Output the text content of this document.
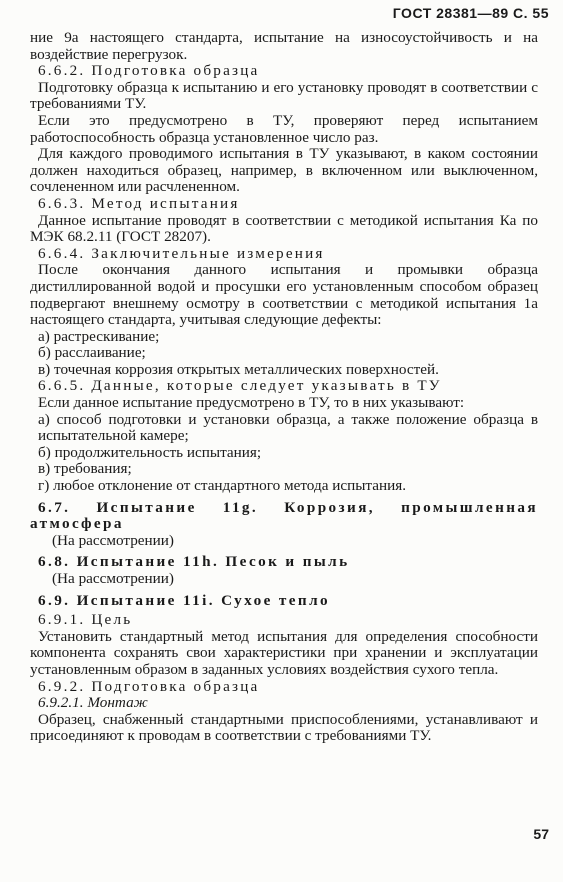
ГОСТ 28381—89 С. 55

ние 9а настоящего стандарта, испытание на износоустойчивость и на воздействие перегрузок.

6.6.2. Подготовка образца

Подготовку образца к испытанию и его установку проводят в соответствии с требованиями ТУ.

Если это предусмотрено в ТУ, проверяют перед испытанием работоспособность образца установленное число раз.

Для каждого проводимого испытания в ТУ указывают, в каком состоянии должен находиться образец, например, в включенном или выключенном, сочлененном или расчлененном.

6.6.3. Метод испытания

Данное испытание проводят в соответствии с методикой испытания Ка по МЭК 68.2.11 (ГОСТ 28207).

6.6.4. Заключительные измерения

После окончания данного испытания и промывки образца дистиллированной водой и просушки его установленным способом образец подвергают внешнему осмотру в соответствии с методикой испытания 1а настоящего стандарта, учитывая следующие дефекты:

а) растрескивание;

б) расслаивание;

в) точечная коррозия открытых металлических поверхностей.

6.6.5. Данные, которые следует указывать в ТУ

Если данное испытание предусмотрено в ТУ, то в них указывают:

а) способ подготовки и установки образца, а также положение образца в испытательной камере;

б) продолжительность испытания;

в) требования;

г) любое отклонение от стандартного метода испытания.

6.7. Испытание 11g. Коррозия, промышленная атмосфера

(На рассмотрении)

6.8. Испытание 11h. Песок и пыль

(На рассмотрении)

6.9. Испытание 11i. Сухое тепло

6.9.1. Цель

Установить стандартный метод испытания для определения способности компонента сохранять свои характеристики при хранении и эксплуатации установленным образом в заданных условиях воздействия сухого тепла.

6.9.2. Подготовка образца

6.9.2.1. Монтаж

Образец, снабженный стандартными приспособлениями, устанавливают и присоединяют к проводам в соответствии с требованиями ТУ.

57
